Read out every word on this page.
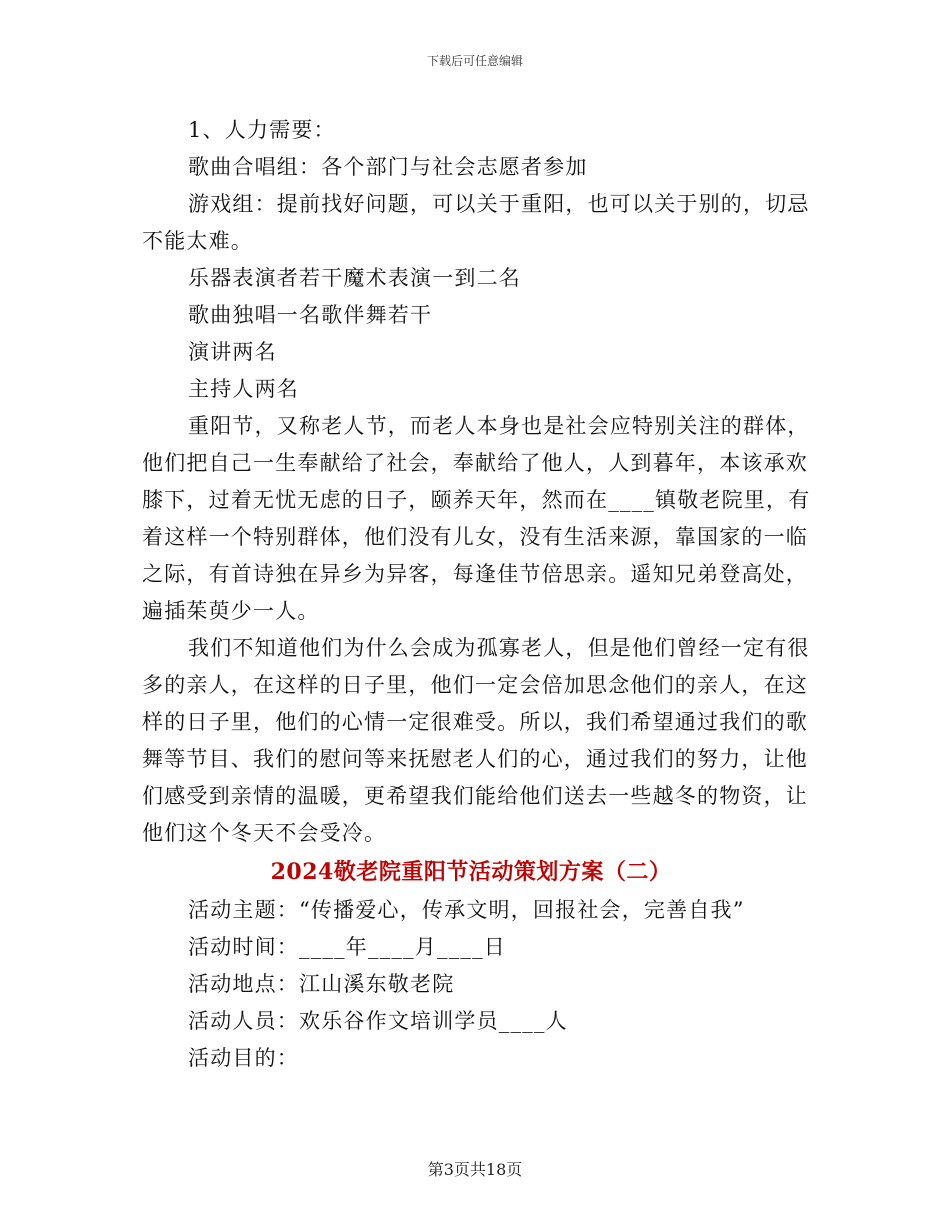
下载后可任意编辑
1、人力需要：
歌曲合唱组：各个部门与社会志愿者参加
游戏组：提前找好问题，可以关于重阳，也可以关于别的，切忌
不能太难。
乐器表演者若干魔术表演一到二名
歌曲独唱一名歌伴舞若干
演讲两名
主持人两名
重阳节，又称老人节，而老人本身也是社会应特别关注的群体，
他们把自己一生奉献给了社会，奉献给了他人，人到暮年，本该承欢
膝下，过着无忧无虑的日子，颐养天年，然而在____镇敬老院里，有
着这样一个特别群体，他们没有儿女，没有生活来源，靠国家的一临
之际，有首诗独在异乡为异客，每逢佳节倍思亲。遥知兄弟登高处，
遍插茱萸少一人。
我们不知道他们为什么会成为孤寡老人，但是他们曾经一定有很
多的亲人，在这样的日子里，他们一定会倍加思念他们的亲人，在这
样的日子里，他们的心情一定很难受。所以，我们希望通过我们的歌
舞等节目、我们的慰问等来抚慰老人们的心，通过我们的努力，让他
们感受到亲情的温暖，更希望我们能给他们送去一些越冬的物资，让
他们这个冬天不会受冷。
2024敬老院重阳节活动策划方案（二）
活动主题：“传播爱心，传承文明，回报社会，完善自我”
活动时间：____年____月____日
活动地点：江山溪东敬老院
活动人员：欢乐谷作文培训学员____人
活动目的：
第3页共18页
